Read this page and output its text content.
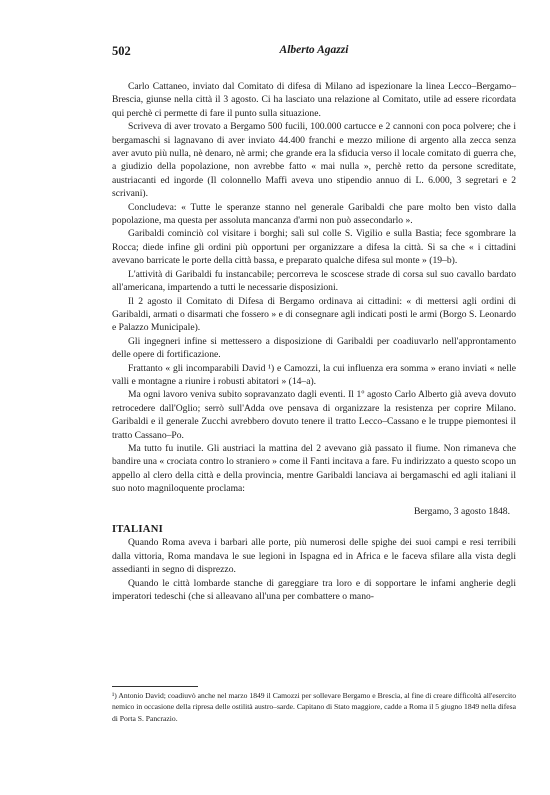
502	Alberto Agazzi

Carlo Cattaneo, inviato dal Comitato di difesa di Milano ad ispezionare la linea Lecco–Bergamo–Brescia, giunse nella città il 3 agosto. Ci ha lasciato una relazione al Comitato, utile ad essere ricordata qui perchè ci permette di fare il punto sulla situazione.

Scriveva di aver trovato a Bergamo 500 fucili, 100.000 cartucce e 2 cannoni con poca polvere; che i bergamaschi si lagnavano di aver inviato 44.400 franchi e mezzo milione di argento alla zecca senza aver avuto più nulla, nè denaro, nè armi; che grande era la sfiducia verso il locale comitato di guerra che, a giudizio della popolazione, non avrebbe fatto « mai nulla », perchè retto da persone screditate, austriacanti ed ingorde (Il colonnello Maffi aveva uno stipendio annuo di L. 6.000, 3 segretari e 2 scrivani).

Concludeva: « Tutte le speranze stanno nel generale Garibaldi che pare molto ben visto dalla popolazione, ma questa per assoluta mancanza d'armi non può assecondarlo ».

Garibaldi cominciò col visitare i borghi; salì sul colle S. Vigilio e sulla Bastia; fece sgombrare la Rocca; diede infine gli ordini più opportuni per organizzare a difesa la città. Si sa che « i cittadini avevano barricate le porte della città bassa, e preparato qualche difesa sul monte » (19–b).

L'attività di Garibaldi fu instancabile; percorreva le scoscese strade di corsa sul suo cavallo bardato all'americana, impartendo a tutti le necessarie disposizioni.

Il 2 agosto il Comitato di Difesa di Bergamo ordinava ai cittadini: « di mettersi agli ordini di Garibaldi, armati o disarmati che fossero » e di consegnare agli indicati posti le armi (Borgo S. Leonardo e Palazzo Municipale).

Gli ingegneri infine si mettessero a disposizione di Garibaldi per coadiuvarlo nell'approntamento delle opere di fortificazione.

Frattanto « gli incomparabili David ¹) e Camozzi, la cui influenza era somma » erano inviati « nelle valli e montagne a riunire i robusti abitatori » (14–a).

Ma ogni lavoro veniva subito sopravanzato dagli eventi. Il 1º agosto Carlo Alberto già aveva dovuto retrocedere dall'Oglio; serrò sull'Adda ove pensava di organizzare la resistenza per coprire Milano. Garibaldi e il generale Zucchi avrebbero dovuto tenere il tratto Lecco–Cassano e le truppe piemontesi il tratto Cassano–Po.

Ma tutto fu inutile. Gli austriaci la mattina del 2 avevano già passato il fiume. Non rimaneva che bandire una « crociata contro lo straniero » come il Fanti incitava a fare. Fu indirizzato a questo scopo un appello al clero della città e della provincia, mentre Garibaldi lanciava ai bergamaschi ed agli italiani il suo noto magniloquente proclama:

Bergamo, 3 agosto 1848.
ITALIANI

Quando Roma aveva i barbari alle porte, più numerosi delle spighe dei suoi campi e resi terribili dalla vittoria, Roma mandava le sue legioni in Ispagna ed in Africa e le faceva sfilare alla vista degli assedianti in segno di disprezzo.

Quando le città lombarde stanche di gareggiare tra loro e di sopportare le infami angherie degli imperatori tedeschi (che si alleavano all'una per combattere o mano-

¹) Antonio David; coadiuvò anche nel marzo 1849 il Camozzi per sollevare Bergamo e Brescia, al fine di creare difficoltà all'esercito nemico in occasione della ripresa delle ostilità austro–sarde. Capitano di Stato maggiore, cadde a Roma il 5 giugno 1849 nella difesa di Porta S. Pancrazio.
